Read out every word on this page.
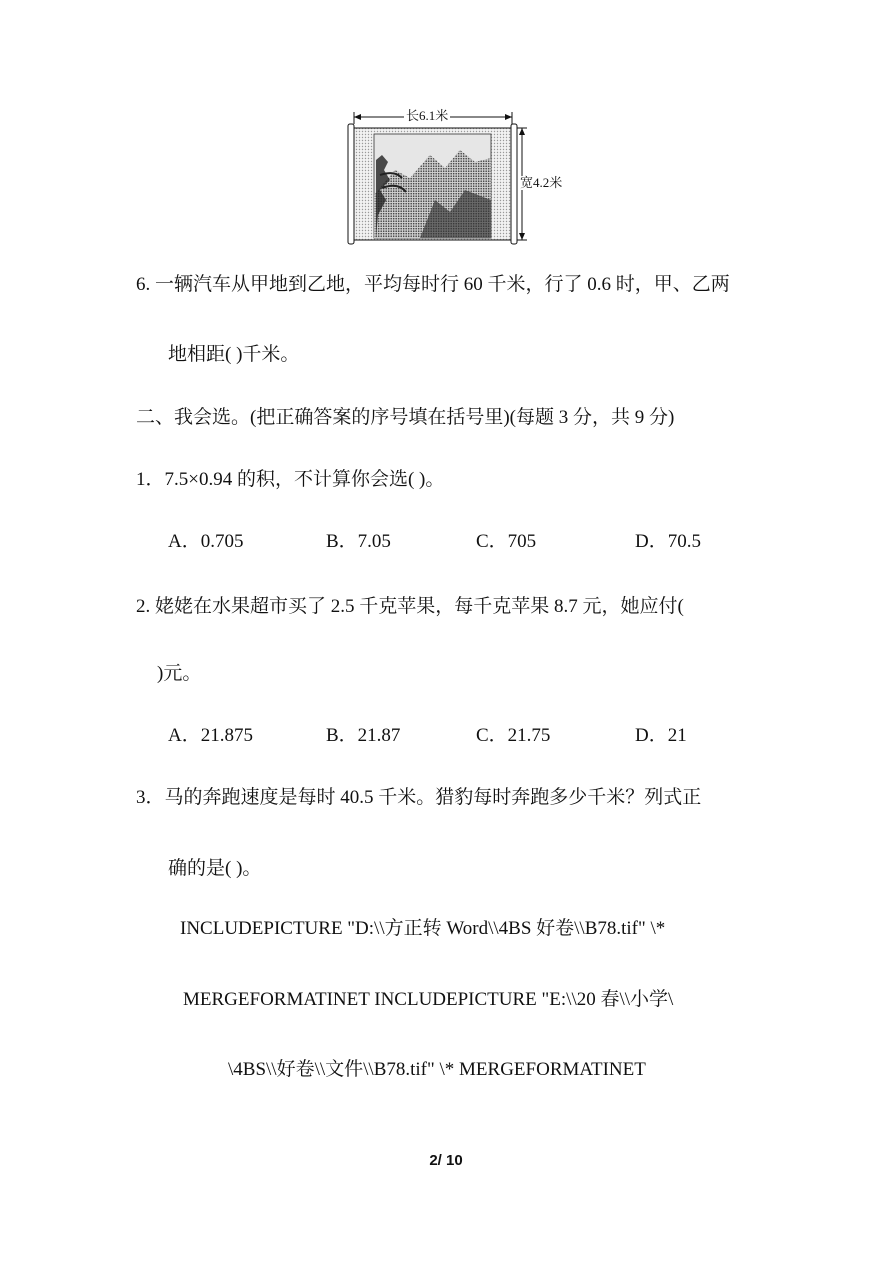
长6.1米
宽4.2米
6. 一辆汽车从甲地到乙地，平均每时行 60 千米，行了 0.6 时，甲、乙两
地相距( )千米。
二、我会选。(把正确答案的序号填在括号里)(每题 3 分，共 9 分)
1．7.5×0.94 的积，不计算你会选( )。
A．0.705	B．7.05	C．705	D．70.5
2. 姥姥在水果超市买了 2.5 千克苹果，每千克苹果 8.7 元，她应付(
)元。
A．21.875	B．21.87	C．21.75	D．21
3．马的奔跑速度是每时 40.5 千米。猎豹每时奔跑多少千米？列式正
确的是( )。
INCLUDEPICTURE "D:\\方正转 Word\\4BS 好卷\\B78.tif" \*
MERGEFORMATINET INCLUDEPICTURE "E:\\20 春\\小学\
\4BS\\好卷\\文件\\B78.tif" \* MERGEFORMATINET
2/ 10
